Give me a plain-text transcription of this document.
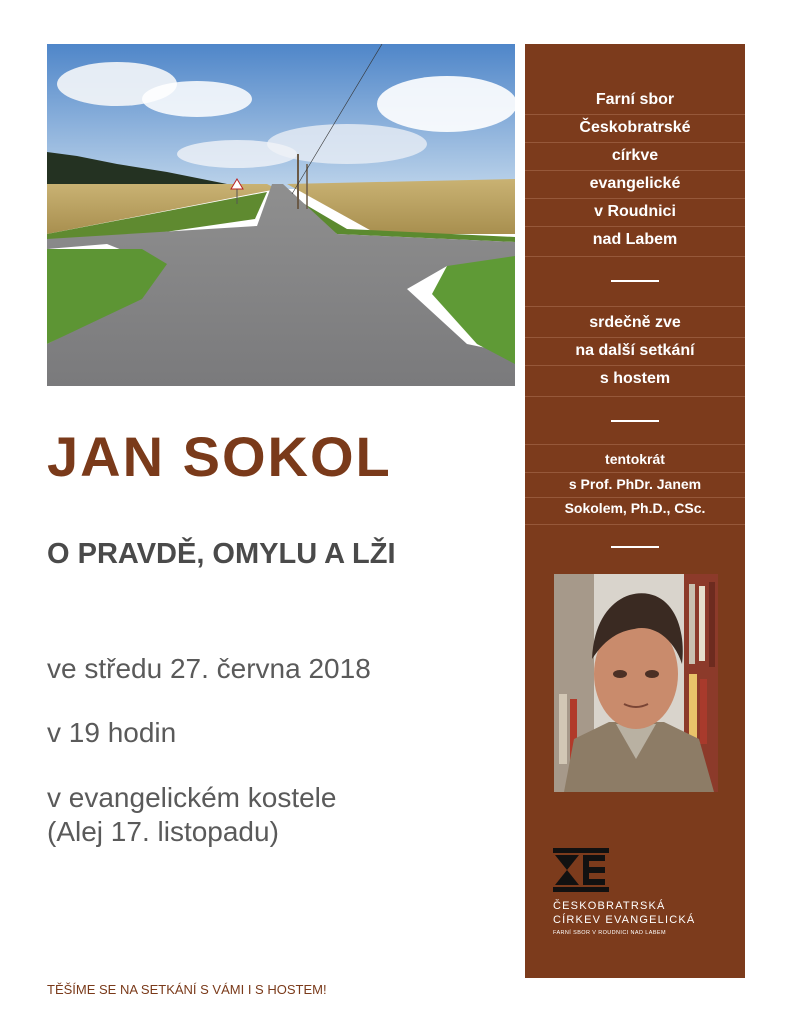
JAN SOKOL
O PRAVDĚ, OMYLU A LŽI
ve středu 27. června 2018
v 19 hodin
v evangelickém kostele
(Alej 17. listopadu)
TĚŠÍME SE NA SETKÁNÍ S VÁMI I S HOSTEM!
Farní sbor
Českobratrské
církve
evangelické
v Roudnici
nad Labem
srdečně zve
na další setkání
s hostem
tentokrát
s Prof. PhDr. Janem
Sokolem, Ph.D., CSc.
ČESKOBRATRSKÁ
CÍRKEV EVANGELICKÁ
FARNÍ SBOR V ROUDNICI NAD LABEM
